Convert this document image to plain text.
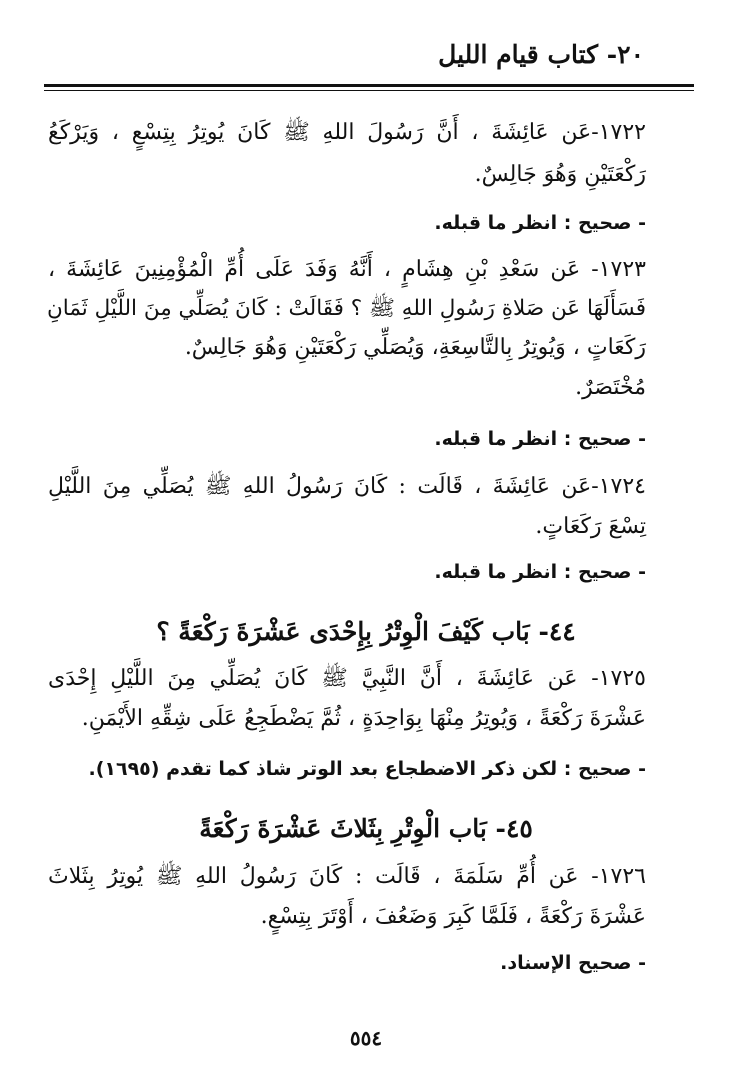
٢٠- كتاب قيام الليل
١٧٢٢-عَن عَائِشَةَ ، أَنَّ رَسُولَ اللهِ ﷺ كَانَ يُوتِرُ بِتِسْعٍ ، وَيَرْكَعُ
رَكْعَتَيْنِ وَهُوَ جَالِسٌ.
- صحيح : انظر ما قبله.
١٧٢٣- عَن سَعْدِ بْنِ هِشَامٍ ، أَنَّهُ وَفَدَ عَلَى أُمِّ الْمُؤْمِنِينَ عَائِشَةَ ،
فَسَأَلَهَا عَن صَلاةِ رَسُولِ اللهِ ﷺ ؟ فَقَالَتْ : كَانَ يُصَلِّي مِنَ اللَّيْلِ ثَمَانِ
رَكَعَاتٍ ، وَيُوتِرُ بِالتَّاسِعَةِ، وَيُصَلِّي رَكْعَتَيْنِ وَهُوَ جَالِسٌ.
مُخْتَصَرٌ.
- صحيح : انظر ما قبله.
١٧٢٤-عَن عَائِشَةَ ، قَالَت : كَانَ رَسُولُ اللهِ ﷺ يُصَلِّي مِنَ اللَّيْلِ
تِسْعَ رَكَعَاتٍ.
- صحيح : انظر ما قبله.
٤٤- بَاب كَيْفَ الْوِتْرُ بِإِحْدَى عَشْرَةَ رَكْعَةً ؟
١٧٢٥- عَن عَائِشَةَ ، أَنَّ النَّبِيَّ ﷺ كَانَ يُصَلِّي مِنَ اللَّيْلِ إِحْدَى
عَشْرَةَ رَكْعَةً ، وَيُوتِرُ مِنْهَا بِوَاحِدَةٍ ، ثُمَّ يَضْطَجِعُ عَلَى شِقِّهِ الأَيْمَنِ.
- صحيح : لكن ذكر الاضطجاع بعد الوتر شاذ كما تقدم (١٦٩٥).
٤٥- بَاب الْوِتْرِ بِثَلاثَ عَشْرَةَ رَكْعَةً
١٧٢٦- عَن أُمِّ سَلَمَةَ ، قَالَت : كَانَ رَسُولُ اللهِ ﷺ يُوتِرُ بِثَلاثَ
عَشْرَةَ رَكْعَةً ، فَلَمَّا كَبِرَ وَضَعُفَ ، أَوْتَرَ بِتِسْعٍ.
- صحيح الإسناد.
٥٥٤
